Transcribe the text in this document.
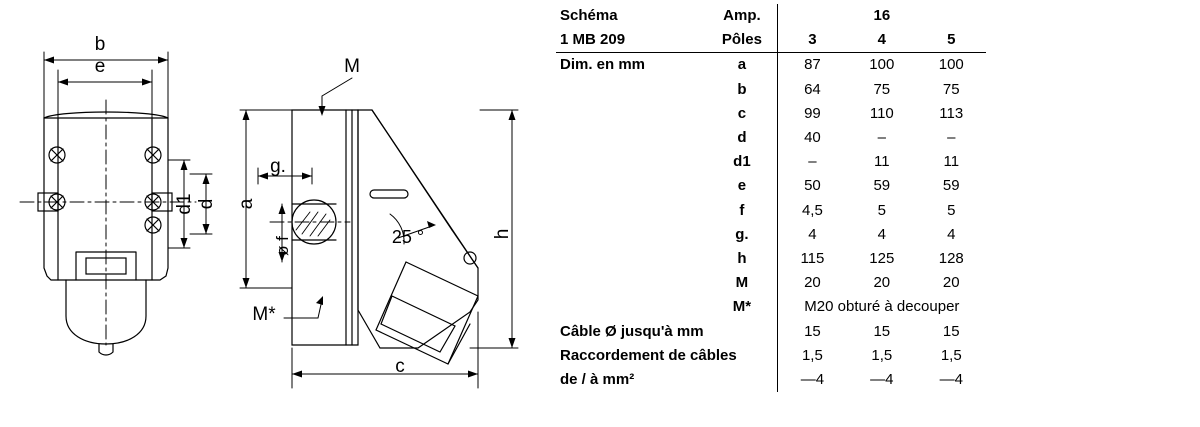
b
e	M
M*
g.
25 °
c
d1 d a
ø f
h
Schéma	Amp.	16		
1 MB 209	Pôles	3	4	5
Dim. en mm	a	87	100	100
	b	64	75	75
	c	99	110	113
	d	40	–	–
	d1	–	11	11
	e	50	59	59
	f	4,5	5	5
	g.	4	4	4
	h	115	125	128
	M	20	20	20
	M*	M20 obturé à decouper		
Câble Ø jusqu'à mm		15	15	15
Raccordement de câbles		1,5	1,5	1,5
de / à mm²		—4	—4	—4
